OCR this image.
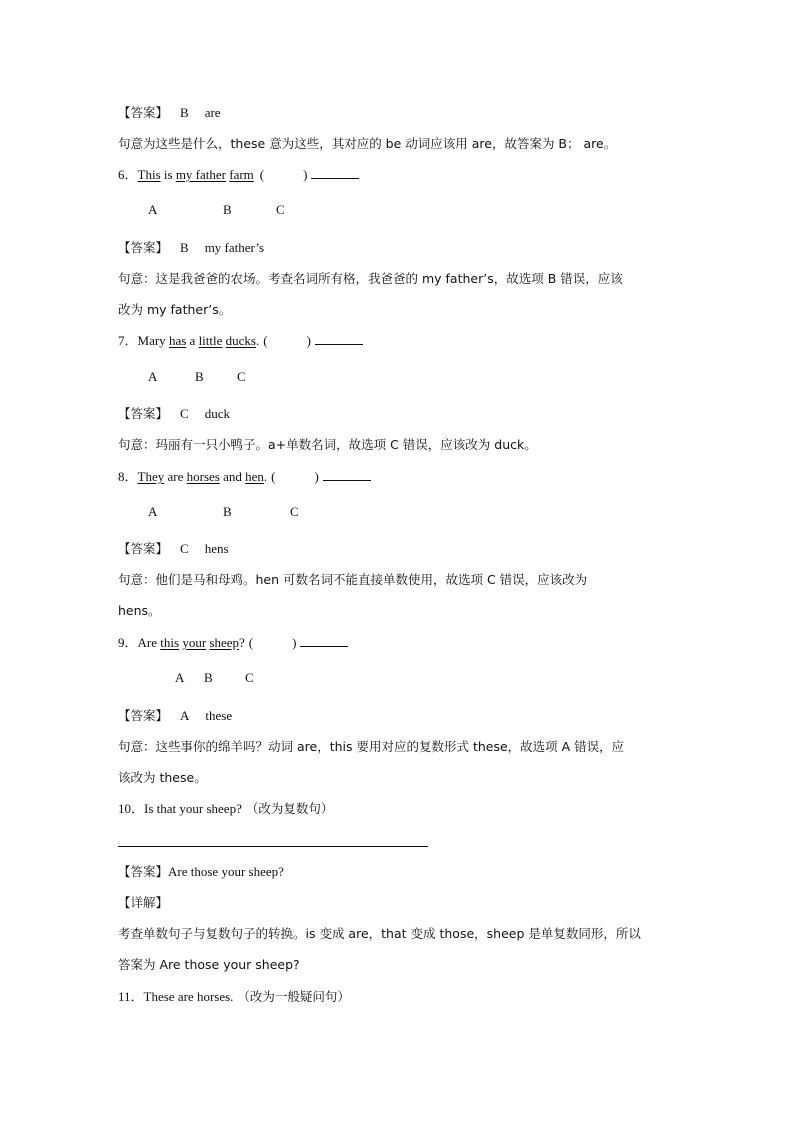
【答案】 B are
句意为这些是什么，these 意为这些，其对应的 be 动词应该用 are，故答案为 B； are。
6．This is my father farm (            )
A	B	C
【答案】 B my father’s
句意：这是我爸爸的农场。考查名词所有格，我爸爸的 my father’s，故选项 B 错误，应该
改为 my father’s。
7．Mary has a little ducks. (            )
A	B	C
【答案】 C duck
句意：玛丽有一只小鸭子。a+单数名词，故选项 C 错误，应该改为 duck。
8．They are horses and hen. (            )
A	B	C
【答案】 C hens
句意：他们是马和母鸡。hen 可数名词不能直接单数使用，故选项 C 错误，应该改为
hens。
9．Are this your sheep? (            )
A B C
【答案】 A these
句意：这些事你的绵羊吗？动词 are，this 要用对应的复数形式 these，故选项 A 错误，应
该改为 these。
10．Is that your sheep? （改为复数句）
【答案】Are those your sheep?
【详解】
考查单数句子与复数句子的转换。is 变成 are，that 变成 those，sheep 是单复数同形，所以
答案为 Are those your sheep?
11．These are horses. （改为一般疑问句）
